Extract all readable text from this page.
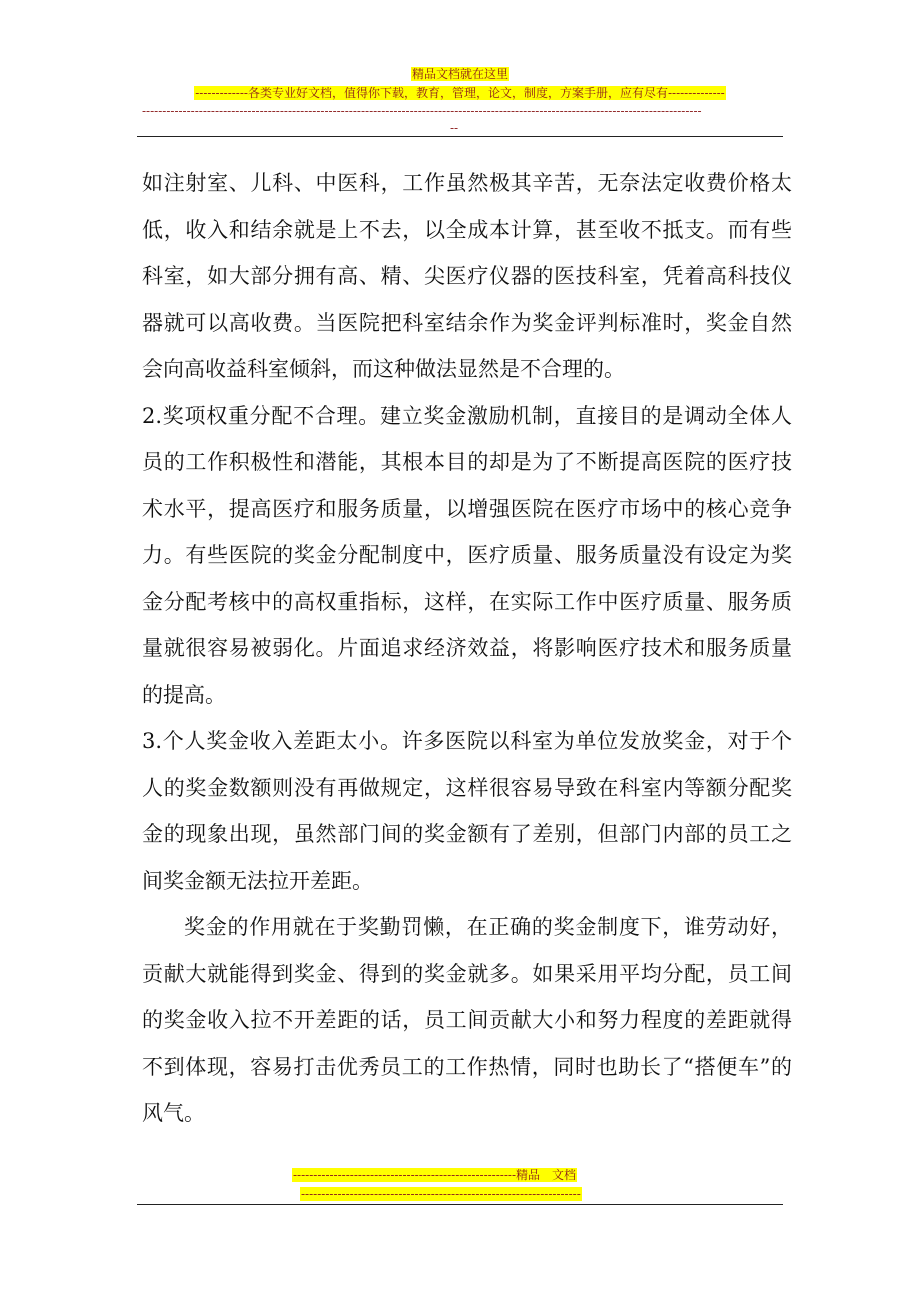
精品文档就在这里
-------------各类专业好文档，值得你下载，教育，管理，论文，制度，方案手册，应有尽有--------------
------------------------------------------------------------------------------------------------------------------------------------------
--

如注射室、儿科、中医科，工作虽然极其辛苦，无奈法定收费价格太低，收入和结余就是上不去，以全成本计算，甚至收不抵支。而有些科室，如大部分拥有高、精、尖医疗仪器的医技科室，凭着高科技仪器就可以高收费。当医院把科室结余作为奖金评判标准时，奖金自然会向高收益科室倾斜，而这种做法显然是不合理的。

2.奖项权重分配不合理。建立奖金激励机制，直接目的是调动全体人员的工作积极性和潜能，其根本目的却是为了不断提高医院的医疗技术水平，提高医疗和服务质量，以增强医院在医疗市场中的核心竞争力。有些医院的奖金分配制度中，医疗质量、服务质量没有设定为奖金分配考核中的高权重指标，这样，在实际工作中医疗质量、服务质量就很容易被弱化。片面追求经济效益，将影响医疗技术和服务质量的提高。

3.个人奖金收入差距太小。许多医院以科室为单位发放奖金，对于个人的奖金数额则没有再做规定，这样很容易导致在科室内等额分配奖金的现象出现，虽然部门间的奖金额有了差别，但部门内部的员工之间奖金额无法拉开差距。

奖金的作用就在于奖勤罚懒，在正确的奖金制度下，谁劳动好，贡献大就能得到奖金、得到的奖金就多。如果采用平均分配，员工间的奖金收入拉不开差距的话，员工间贡献大小和努力程度的差距就得不到体现，容易打击优秀员工的工作热情，同时也助长了“搭便车”的风气。

-------------------------------------------------------精品　文档
---------------------------------------------------------------------
